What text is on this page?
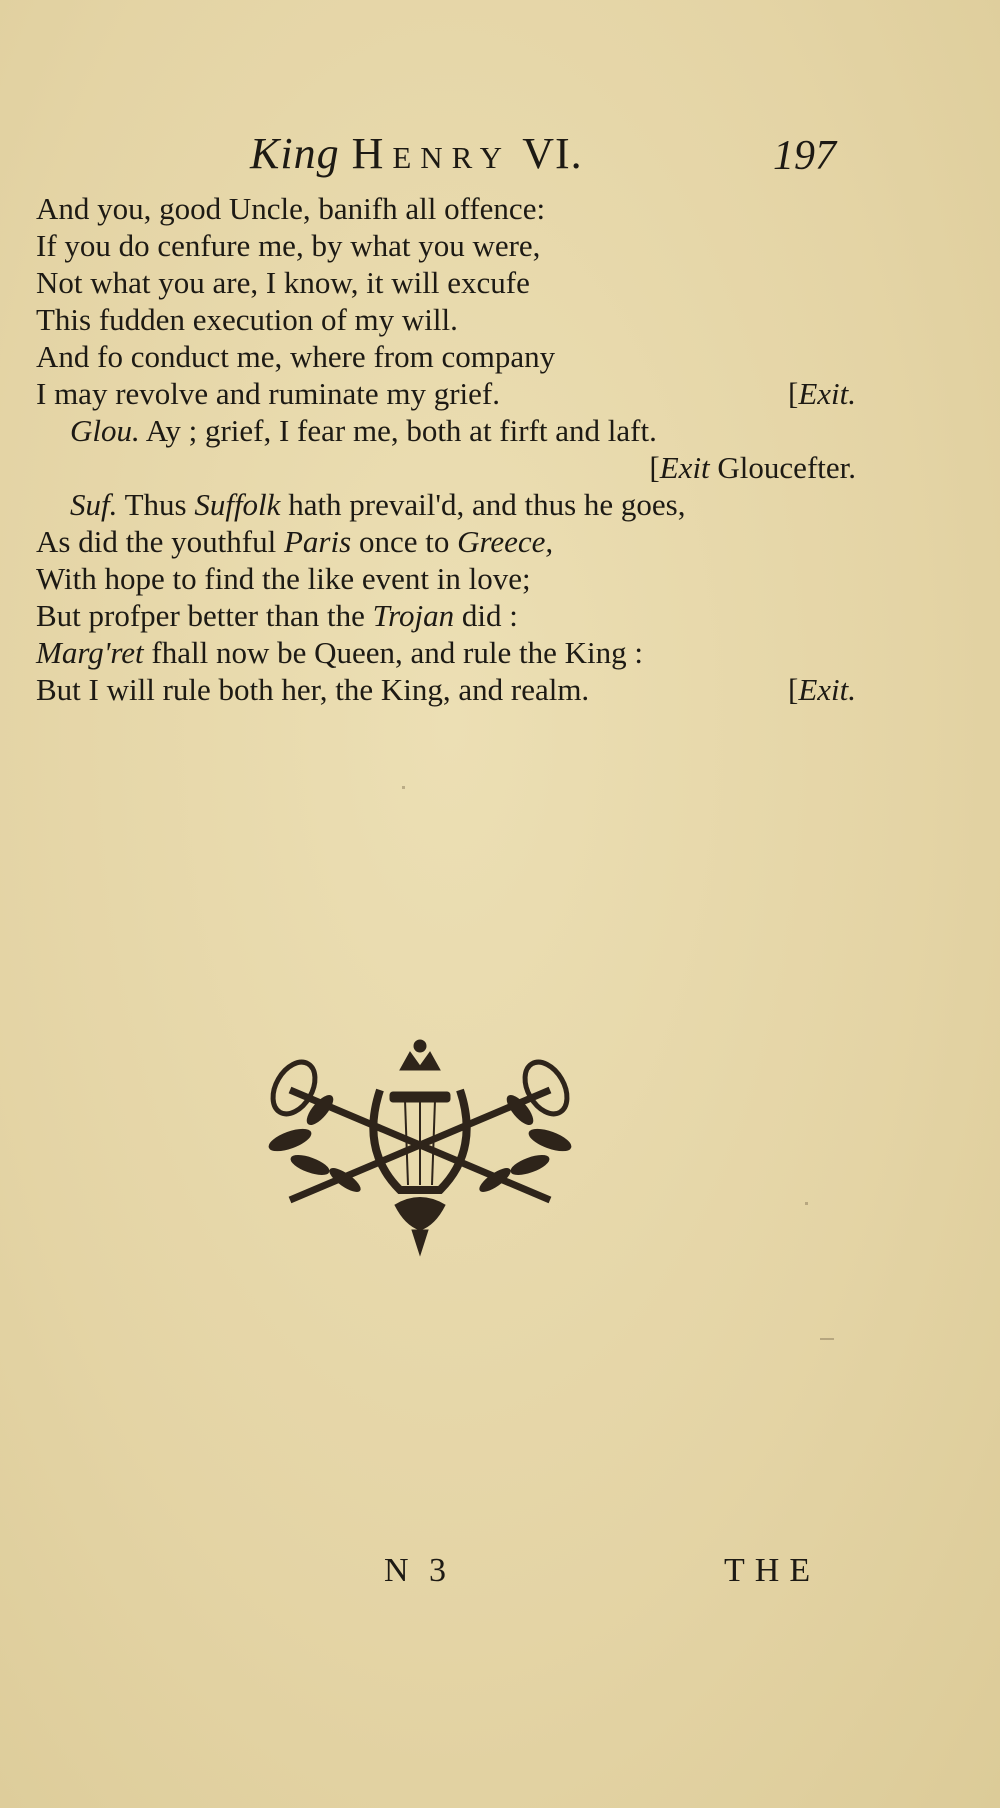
King Henry VI.	197
And you, good Uncle, banifh all offence:
If you do cenfure me, by what you were,
Not what you are, I know, it will excufe
This fudden execution of my will.
And fo conduct me, where from company
I may revolve and ruminate my grief.	[Exit.
Glou. Ay ; grief, I fear me, both at firft and laft.
[Exit Gloucefter.
Suf. Thus Suffolk hath prevail'd, and thus he goes,
As did the youthful Paris once to Greece,
With hope to find the like event in love;
But profper better than the Trojan did :
Marg'ret fhall now be Queen, and rule the King :
But I will rule both her, the King, and realm.	[Exit.
N 3	THE
